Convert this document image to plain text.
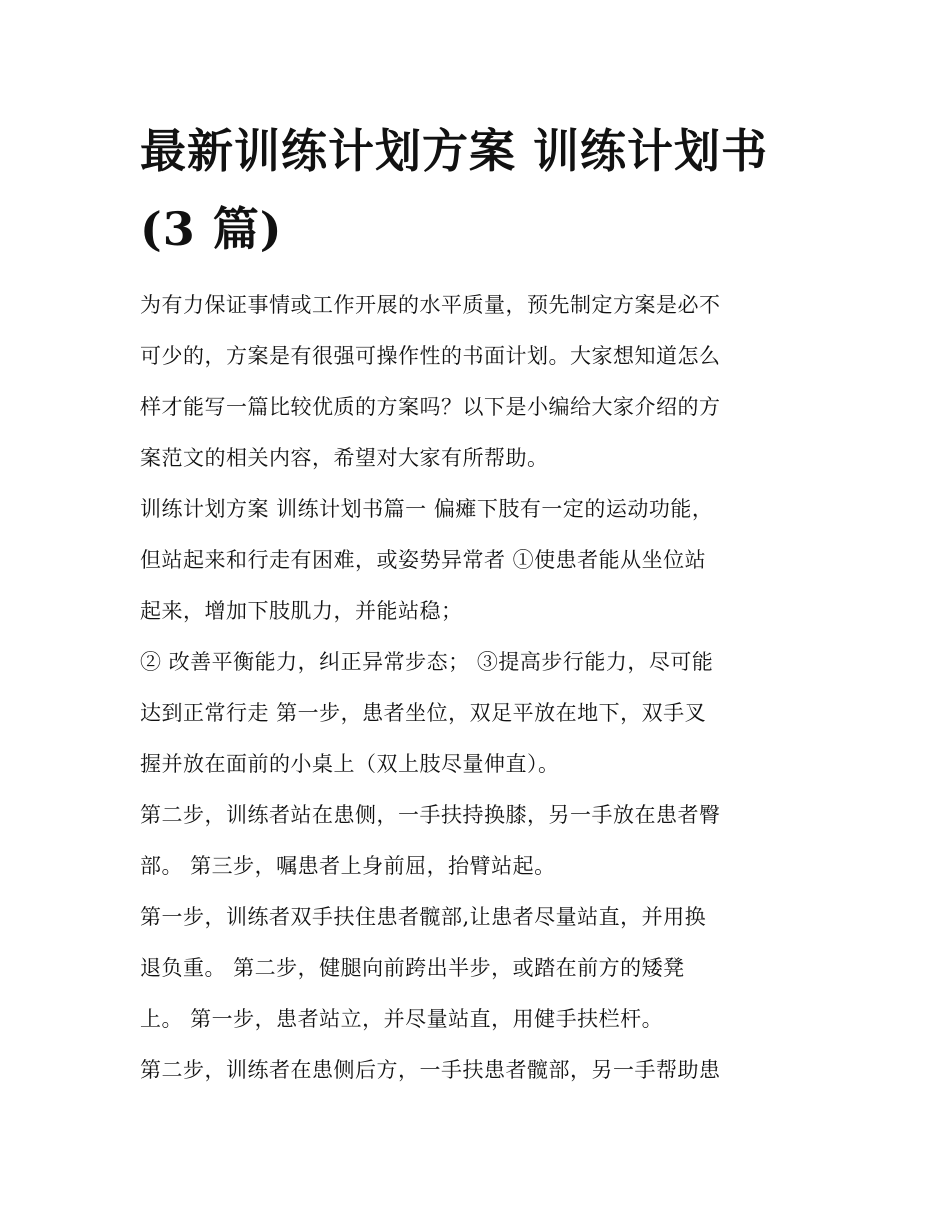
最新训练计划方案 训练计划书
(3 篇)

为有力保证事情或工作开展的水平质量，预先制定方案是必不

可少的，方案是有很强可操作性的书面计划。大家想知道怎么

样才能写一篇比较优质的方案吗？以下是小编给大家介绍的方

案范文的相关内容，希望对大家有所帮助。

训练计划方案 训练计划书篇一 偏瘫下肢有一定的运动功能，

但站起来和行走有困难，或姿势异常者 ①使患者能从坐位站

起来，增加下肢肌力，并能站稳；

② 改善平衡能力，纠正异常步态； ③提高步行能力，尽可能

达到正常行走 第一步，患者坐位，双足平放在地下，双手叉

握并放在面前的小桌上（双上肢尽量伸直）。

第二步，训练者站在患侧，一手扶持换膝，另一手放在患者臀

部。 第三步，嘱患者上身前屈，抬臂站起。

第一步，训练者双手扶住患者髋部,让患者尽量站直，并用换

退负重。 第二步，健腿向前跨出半步，或踏在前方的矮凳

上。 第一步，患者站立，并尽量站直，用健手扶栏杆。

第二步，训练者在患侧后方，一手扶患者髋部，另一手帮助患
